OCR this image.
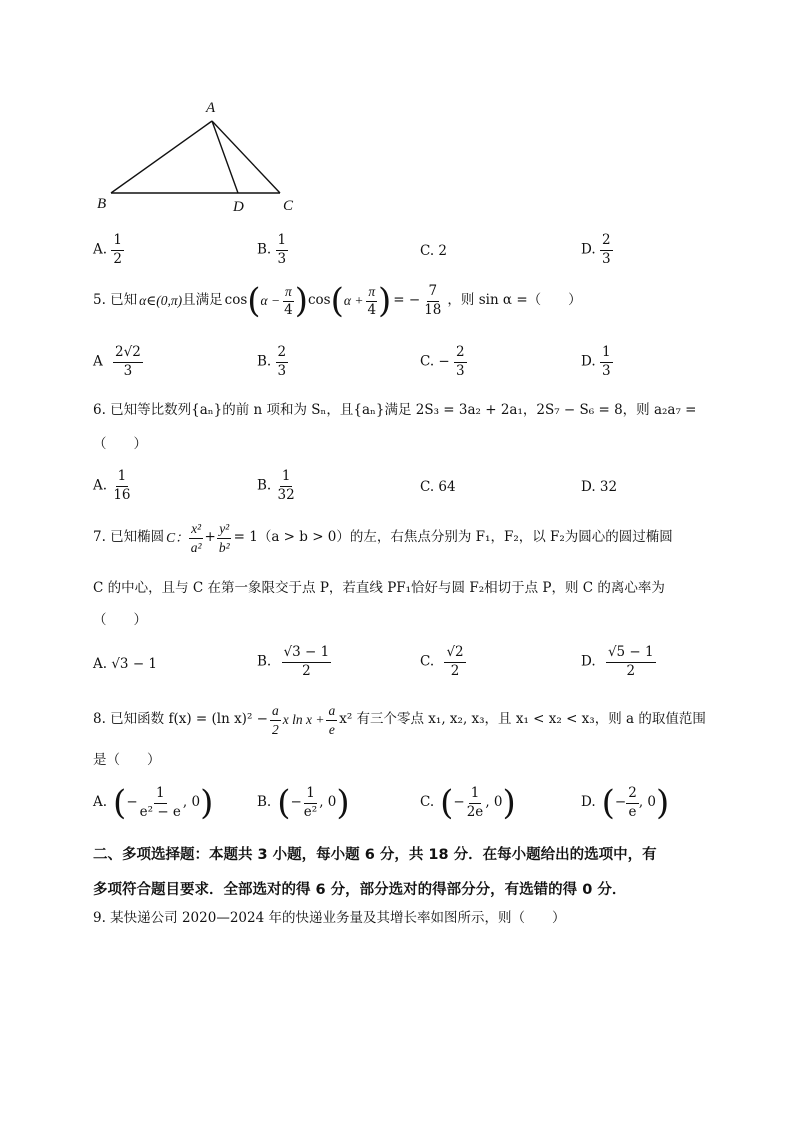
A
B	D	C
A. $\frac{1}{2}$	B. $\frac{1}{3}$	C. 2	D. $\frac{2}{3}$
5. 已知 α∈(0,π) 且满足 cos ( $\alpha - \frac{\pi}{4}$ ) cos ( $\alpha + \frac{\pi}{4}$ ) = − $\frac{7}{18}$ ，则 sin α =（　　）
A $\frac{2√2}{3}$	B. $\frac{2}{3}$	C. − $\frac{2}{3}$	D. $\frac{1}{3}$
6. 已知等比数列{aₙ}的前 n 项和为 Sₙ，且{aₙ}满足 2S₃ = 3a₂ + 2a₁，2S₇ − S₆ = 8，则 a₂a₇ =
（　　）
A. $\frac{1}{16}$	B. $\frac{1}{32}$	C. 64	D. 32
7. 已知椭圆 C： $\frac{\text{x²}}{\text{a²}} + \frac{\text{y²}}{\text{b²}} = 1(a > b > 0)$的左，右焦点分别为 F₁，F₂，以 F₂为圆心的圆过椭圆
C 的中心，且与 C 在第一象限交于点 P，若直线 PF₁恰好与圆 F₂相切于点 P，则 C 的离心率为
（　　）
A. √3 − 1	B. $\frac{√3 - 1}{2}$	C. $\frac{√2}{2}$	D. $\frac{√5 - 1}{2}$
8. 已知函数 f(x) = (ln $x)^2 - \frac{a}{2}$ x $\ln x + \frac{a}{e} x^2$ 有三个零点 x₁, x₂, x₃，且 x₁ < x₂ < x₃，则 a 的取值范围
是（　　）
A. ( − $\frac{1}{\text{e² − e}}$ , 0 )	B. ( − $\frac{1}{\text{e²}}$ , 0 )	C. ( − $\frac{1}{2e}$ , 0 )	D. ( − $\frac{2}{e}$ , 0 )
二、多项选择题：本题共 3 小题，每小题 6 分，共 18 分．在每小题给出的选项中，有
多项符合题目要求．全部选对的得 6 分，部分选对的得部分分，有选错的得 0 分．
9. 某快递公司 2020—2024 年的快递业务量及其增长率如图所示，则（　　）
